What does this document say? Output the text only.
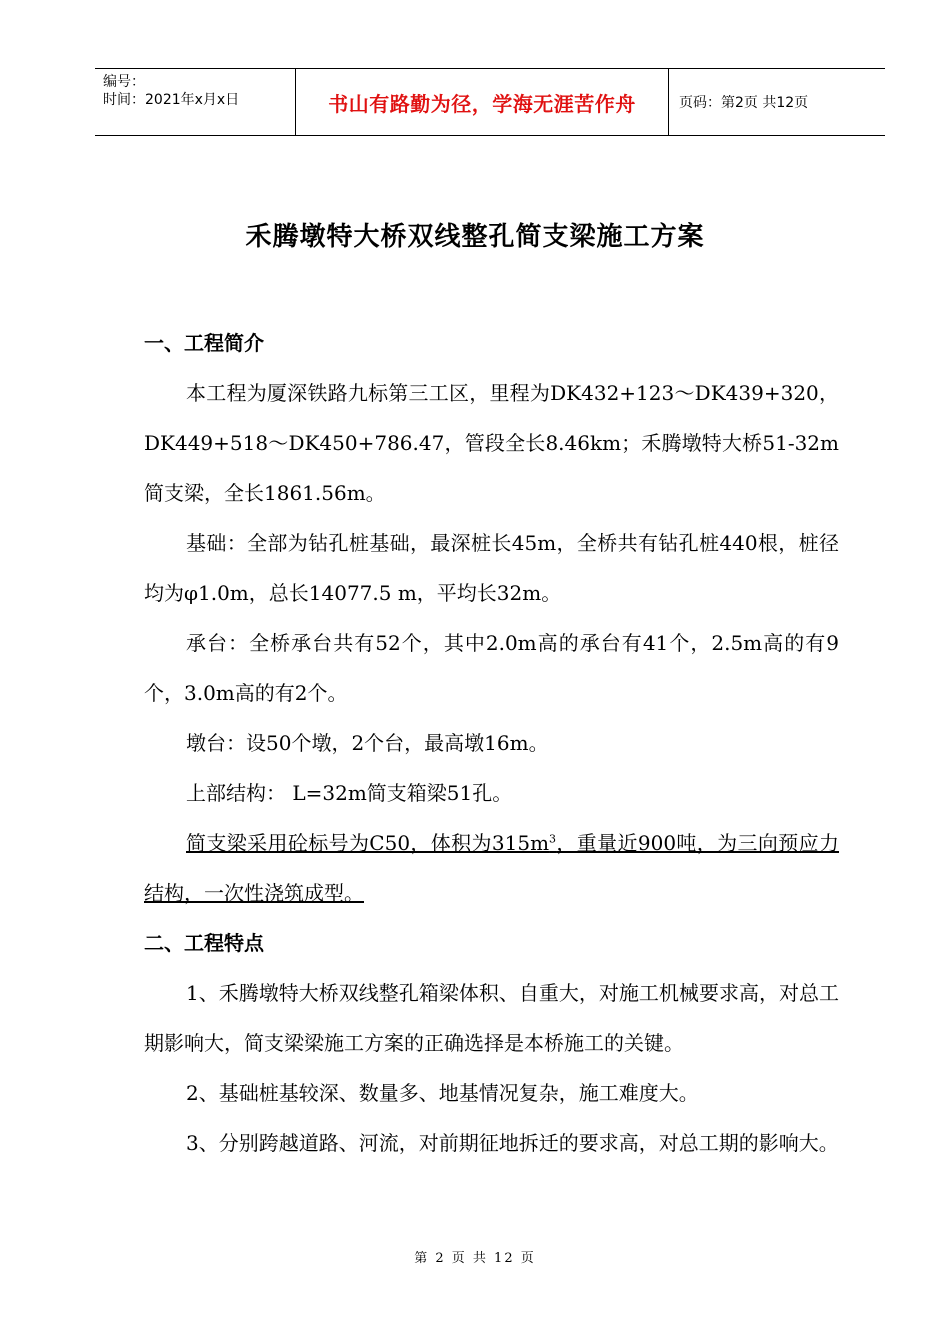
编号：
时间：2021年x月x日	书山有路勤为径，学海无涯苦作舟	页码：第2页 共12页
禾腾墩特大桥双线整孔简支梁施工方案

一、工程简介

本工程为厦深铁路九标第三工区，里程为DK432+123～DK439+320，DK449+518～DK450+786.47，管段全长8.46km；禾腾墩特大桥51-32m简支梁，全长1861.56m。

基础：全部为钻孔桩基础，最深桩长45m，全桥共有钻孔桩440根，桩径均为φ1.0m，总长14077.5 m，平均长32m。

承台：全桥承台共有52个，其中2.0m高的承台有41个，2.5m高的有9个，3.0m高的有2个。

墩台：设50个墩，2个台，最高墩16m。

上部结构： L=32m简支箱梁51孔。

简支梁采用砼标号为C50，体积为$315m^3$，重量近900吨，为三向预应力结构，一次性浇筑成型。

二、工程特点

1、禾腾墩特大桥双线整孔箱梁体积、自重大，对施工机械要求高，对总工期影响大，简支梁梁施工方案的正确选择是本桥施工的关键。

2、基础桩基较深、数量多、地基情况复杂，施工难度大。

3、分别跨越道路、河流，对前期征地拆迁的要求高，对总工期的影响大。

第 2 页 共 12 页
